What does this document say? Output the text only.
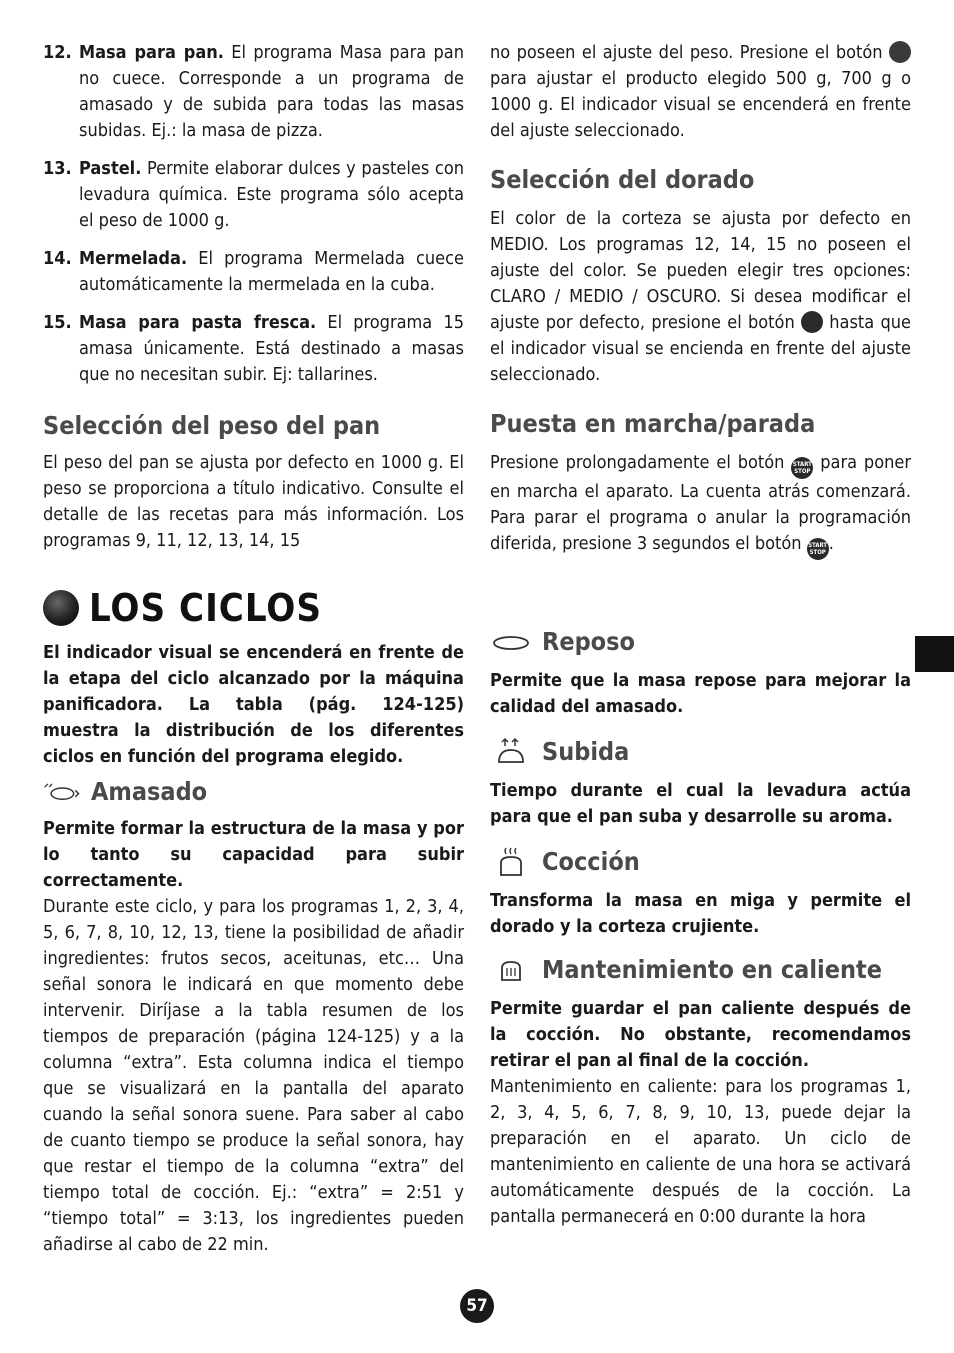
12. Masa para pan. El programa Masa para pan no cuece. Corresponde a un programa de amasado y de subida para todas las masas subidas. Ej.: la masa de pizza.
13. Pastel. Permite elaborar dulces y pasteles con levadura química. Este programa sólo acepta el peso de 1000 g.
14. Mermelada. El programa Mermelada cuece automáticamente la mermelada en la cuba.
15. Masa para pasta fresca. El programa 15 amasa únicamente. Está destinado a masas que no necesitan subir. Ej: tallarines.
Selección del peso del pan

El peso del pan se ajusta por defecto en 1000 g. El peso se proporciona a título indicativo. Consulte el detalle de las recetas para más información. Los programas 9, 11, 12, 13, 14, 15

LOS CICLOS

El indicador visual se encenderá en frente de la etapa del ciclo alcanzado por la máquina panificadora. La tabla (pág. 124-125) muestra la distribución de los diferentes ciclos en función del programa elegido.

Amasado

Permite formar la estructura de la masa y por lo tanto su capacidad para subir correctamente.

Durante este ciclo, y para los programas 1, 2, 3, 4, 5, 6, 7, 8, 10, 12, 13, tiene la posibilidad de añadir ingredientes: frutos secos, aceitunas, etc… Una señal sonora le indicará en que momento debe intervenir. Diríjase a la tabla resumen de los tiempos de preparación (página 124-125) y a la columna “extra”. Esta columna indica el tiempo que se visualizará en la pantalla del aparato cuando la señal sonora suene. Para saber al cabo de cuanto tiempo se produce la señal sonora, hay que restar el tiempo de la columna “extra” del tiempo total de cocción. Ej.: “extra” = 2:51 y “tiempo total” = 3:13, los ingredientes pueden añadirse al cabo de 22 min.

no poseen el ajuste del peso. Presione el botón  para ajustar el producto elegido 500 g, 700 g o 1000 g. El indicador visual se encenderá en frente del ajuste seleccionado.

Selección del dorado

El color de la corteza se ajusta por defecto en MEDIO. Los programas 12, 14, 15 no poseen el ajuste del color. Se pueden elegir tres opciones: CLARO / MEDIO / OSCURO. Si desea modificar el ajuste por defecto, presione el botón  hasta que el indicador visual se encienda en frente del ajuste seleccionado.

Puesta en marcha/parada

Presione prolongadamente el botón START STOP para poner en marcha el aparato. La cuenta atrás comenzará. Para parar el programa o anular la programación diferida, presione 3 segundos el botón START STOP .

Reposo

Permite que la masa repose para mejorar la calidad del amasado.

Subida

Tiempo durante el cual la levadura actúa para que el pan suba y desarrolle su aroma.

Cocción

Transforma la masa en miga y permite el dorado y la corteza crujiente.

Mantenimiento en caliente

Permite guardar el pan caliente después de la cocción. No obstante, recomendamos retirar el pan al final de la cocción.

Mantenimiento en caliente: para los programas 1, 2, 3, 4, 5, 6, 7, 8, 9, 10, 13, puede dejar la preparación en el aparato. Un ciclo de mantenimiento en caliente de una hora se activará automáticamente después de la cocción. La pantalla permanecerá en 0:00 durante la hora

57
